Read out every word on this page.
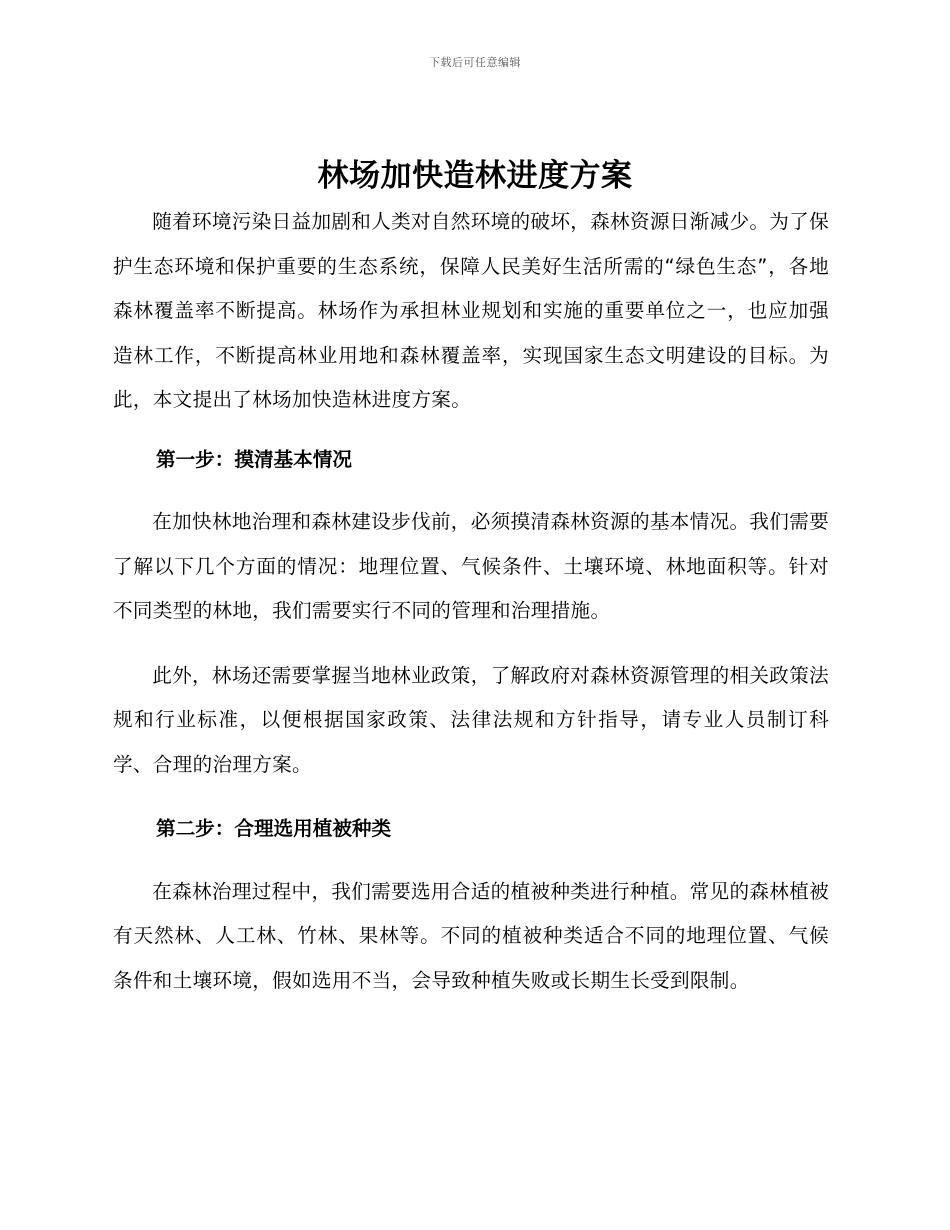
下载后可任意编辑
林场加快造林进度方案

随着环境污染日益加剧和人类对自然环境的破坏，森林资源日渐减少。为了保护生态环境和保护重要的生态系统，保障人民美好生活所需的“绿色生态”，各地森林覆盖率不断提高。林场作为承担林业规划和实施的重要单位之一，也应加强造林工作，不断提高林业用地和森林覆盖率，实现国家生态文明建设的目标。为此，本文提出了林场加快造林进度方案。

第一步：摸清基本情况

在加快林地治理和森林建设步伐前，必须摸清森林资源的基本情况。我们需要了解以下几个方面的情况：地理位置、气候条件、土壤环境、林地面积等。针对不同类型的林地，我们需要实行不同的管理和治理措施。

此外，林场还需要掌握当地林业政策，了解政府对森林资源管理的相关政策法规和行业标准，以便根据国家政策、法律法规和方针指导，请专业人员制订科学、合理的治理方案。

第二步：合理选用植被种类

在森林治理过程中，我们需要选用合适的植被种类进行种植。常见的森林植被有天然林、人工林、竹林、果林等。不同的植被种类适合不同的地理位置、气候条件和土壤环境，假如选用不当，会导致种植失败或长期生长受到限制。
